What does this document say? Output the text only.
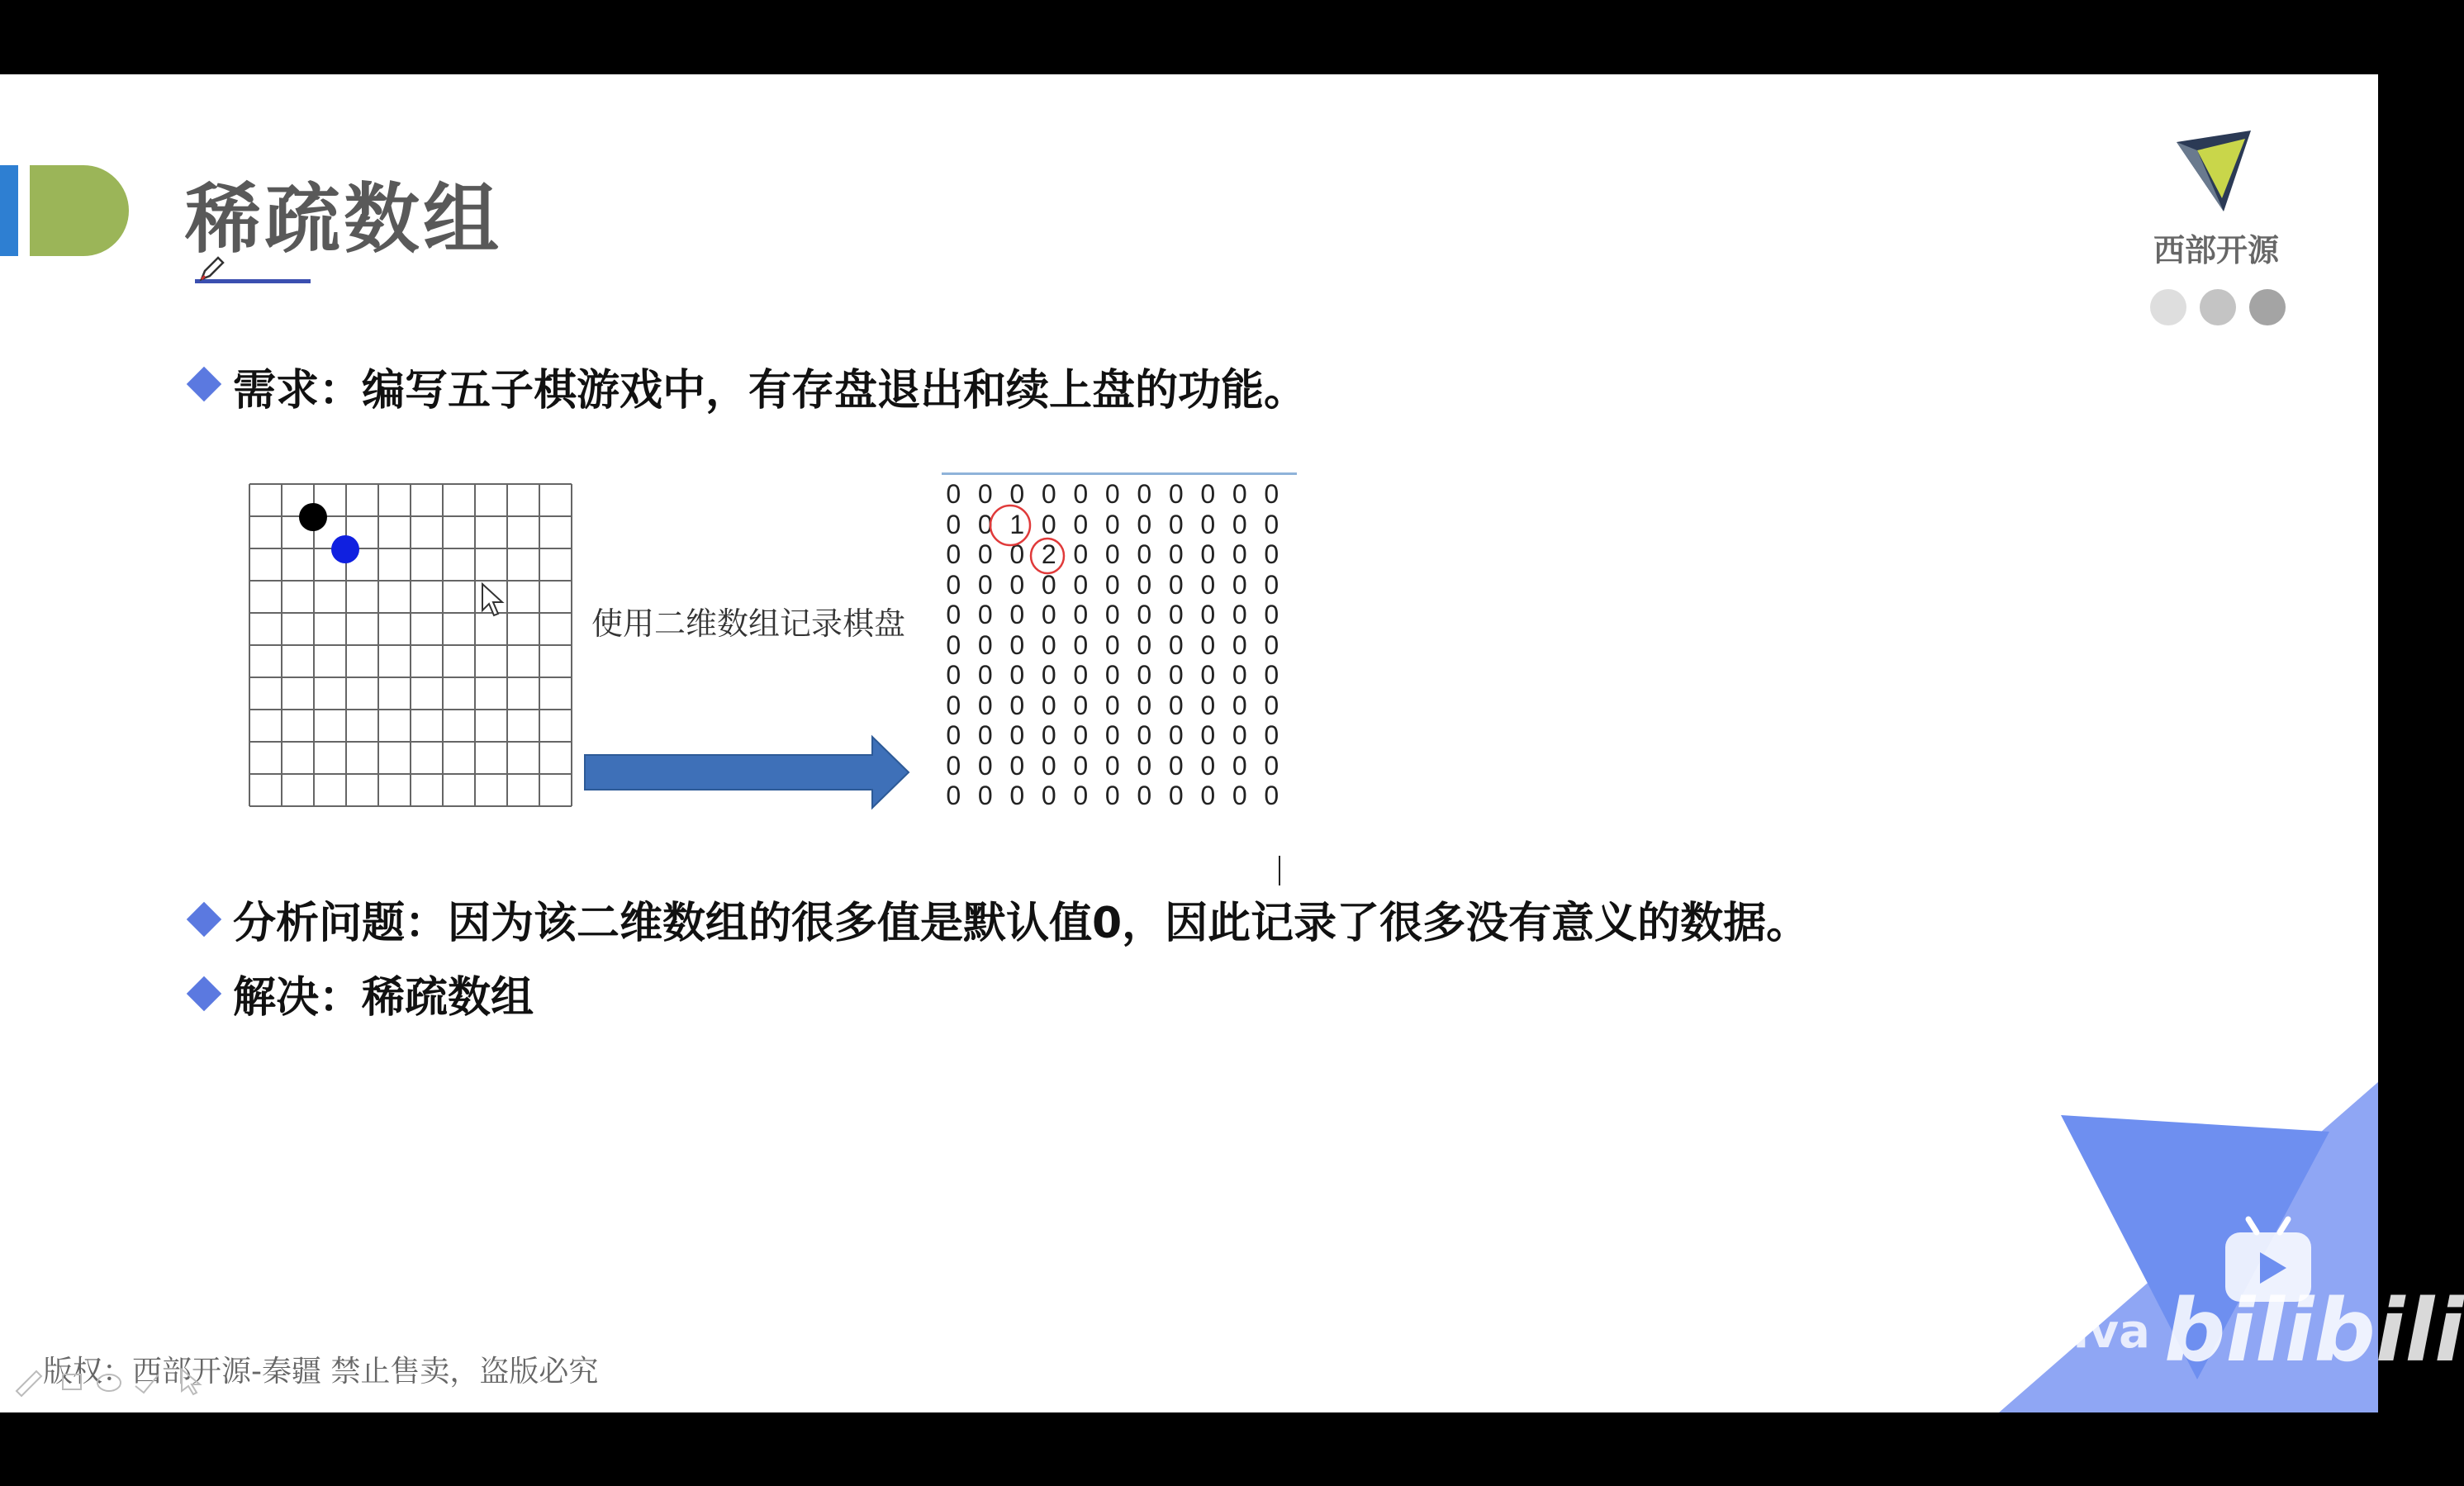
稀疏数组	西部开源
需求：编写五子棋游戏中，有存盘退出和续上盘的功能。
使用二维数组记录棋盘
0 0 0 0 0 0 0 0 0 0 0
0 0 1 0 0 0 0 0 0 0 0
0 0 0 2 0 0 0 0 0 0 0
0 0 0 0 0 0 0 0 0 0 0
0 0 0 0 0 0 0 0 0 0 0
0 0 0 0 0 0 0 0 0 0 0
0 0 0 0 0 0 0 0 0 0 0
0 0 0 0 0 0 0 0 0 0 0
0 0 0 0 0 0 0 0 0 0 0
0 0 0 0 0 0 0 0 0 0 0
0 0 0 0 0 0 0 0 0 0 0
分析问题：因为该二维数组的很多值是默认值0，因此记录了很多没有意义的数据。
解决：稀疏数组
Java bilibili
版权：西部开源-秦疆 禁止售卖，盗版必究
